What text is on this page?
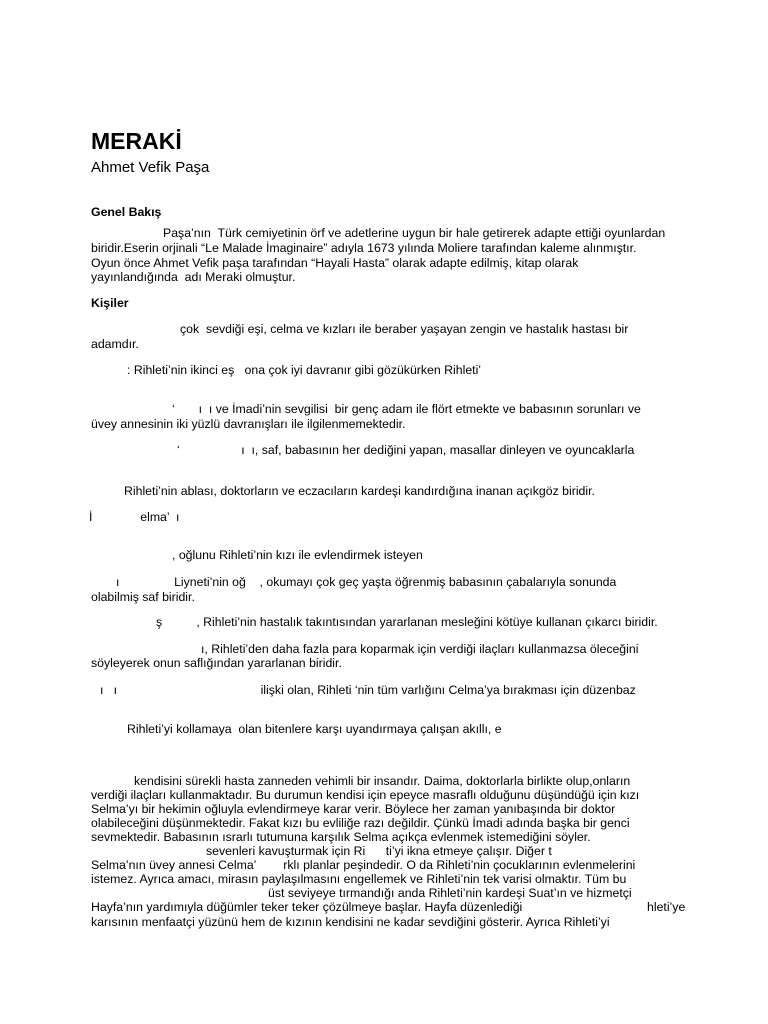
MERAKİ
Ahmet Vefik Paşa
Genel Bakış
Paşa’nın  Türk cemiyetinin örf ve adetlerine uygun bir hale getirerek adapte ettiği oyunlardan
biridir.Eserin orjinali “Le Malade İmaginaire” adıyla 1673 yılında Moliere tarafından kaleme alınmıştır.
Oyun önce Ahmet Vefik paşa tarafından “Hayali Hasta” olarak adapte edilmiş, kitap olarak
yayınlandığında  adı Meraki olmuştur.
Kişiler
çok  sevdiği eşi, celma ve kızları ile beraber yaşayan zengin ve hastalık hastası bir
adamdır.
: Rihleti’nin ikinci eş   ona çok iyi davranır gibi gözükürken Rihleti’
‘       ı  ı ve İmadi’nin sevgilisi  bir genç adam ile flört etmekte ve babasının sorunları ve
üvey annesinin iki yüzlü davranışları ile ilgilenmemektedir.
‘                  ı  ı, saf, babasının her dediğini yapan, masallar dinleyen ve oyuncaklarla
Rihleti’nin ablası, doktorların ve eczacıların kardeşi kandırdığına inanan açıkgöz biridir.
İ              elma’  ı
, oğlunu Rihleti’nin kızı ile evlendirmek isteyen
ı                Liyneti’nin oğ    , okumayı çok geç yaşta öğrenmiş babasının çabalarıyla sonunda
olabilmiş saf biridir.
ş          , Rihleti’nin hastalık takıntısından yararlanan mesleğini kötüye kullanan çıkarcı biridir.
ı, Rihleti’den daha fazla para koparmak için verdiği ilaçları kullanmazsa öleceğini
söyleyerek onun saflığından yararlanan biridir.
ı   ı                                          ilişki olan, Rihleti ‘nin tüm varlığını Celma’ya bırakması için düzenbaz
Rihleti’yi kollamaya  olan bitenlere karşı uyandırmaya çalışan akıllı, e
kendisini sürekli hasta zanneden vehimli bir insandır. Daima, doktorlarla birlikte olup,onların
verdiği ilaçları kullanmaktadır. Bu durumun kendisi için epeyce masraflı olduğunu düşündüğü için kızı
Selma’yı bir hekimin oğluyla evlendirmeye karar verir. Böylece her zaman yanıbaşında bir doktor
olabileceğini düşünmektedir. Fakat kızı bu evliliğe razı değildir. Çünkü İmadi adında başka bir genci
sevmektedir. Babasının ısrarlı tutumuna karşılık Selma açıkça evlenmek istemediğini söyler.
sevenleri kavuşturmak için Ri      ti’yi ikna etmeye çalışır. Diğer t
Selma’nın üvey annesi Celma’        rklı planlar peşindedir. O da Rihleti’nin çocuklarının evlenmelerini
istemez. Ayrıca amacı, mirasın paylaşılmasını engellemek ve Rihleti’nin tek varisi olmaktır. Tüm bu
üst seviyeye tırmandığı anda Rihleti’nin kardeşi Suat’ın ve hizmetçi
Hayfa’nın yardımıyla düğümler teker teker çözülmeye başlar. Hayfa düzenlediği	hleti’ye
karısının menfaatçi yüzünü hem de kızının kendisini ne kadar sevdiğini gösterir. Ayrıca Rihleti’yi
